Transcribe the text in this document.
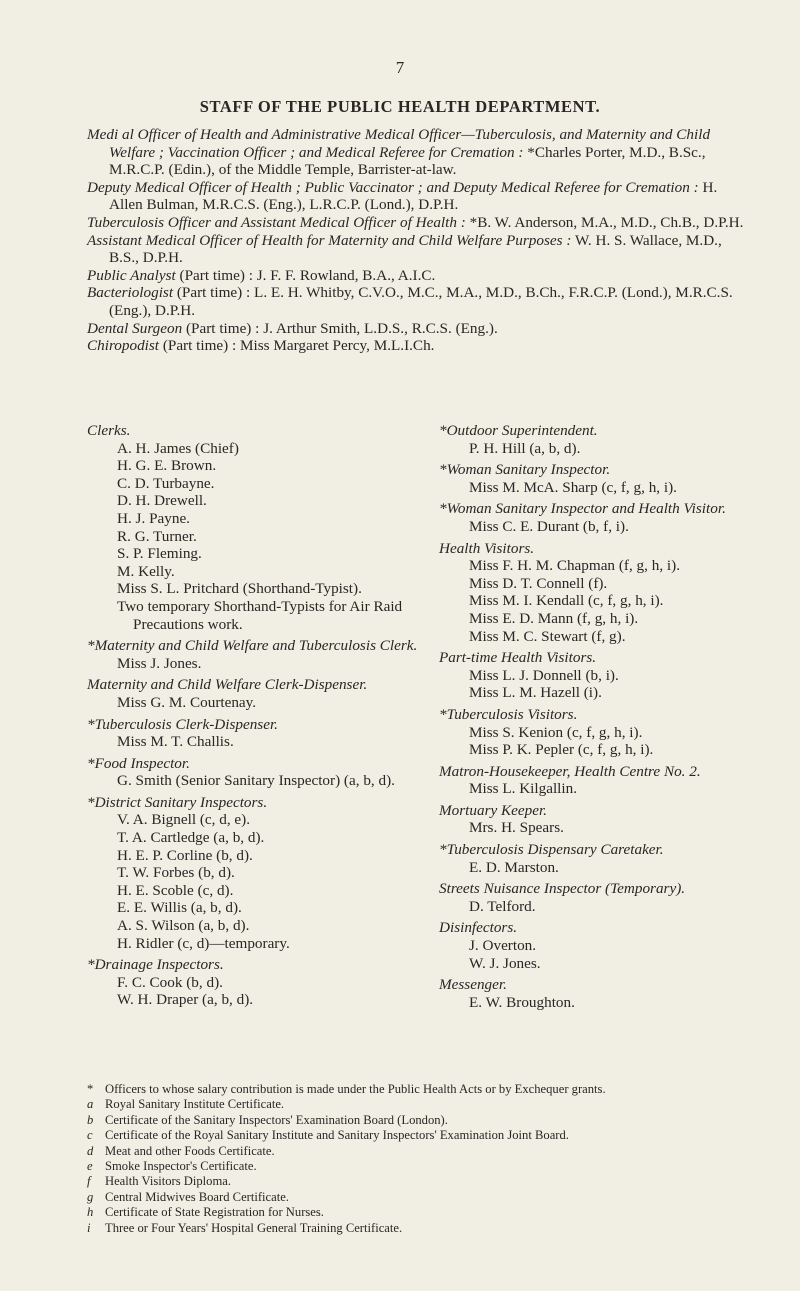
7
STAFF OF THE PUBLIC HEALTH DEPARTMENT.
Medi al Officer of Health and Administrative Medical Officer—Tuberculosis, and Maternity and Child Welfare ; Vaccination Officer ; and Medical Referee for Cremation : *Charles Porter, M.D., B.Sc., M.R.C.P. (Edin.), of the Middle Temple, Barrister-at-law.
Deputy Medical Officer of Health ; Public Vaccinator ; and Deputy Medical Referee for Cremation : H. Allen Bulman, M.R.C.S. (Eng.), L.R.C.P. (Lond.), D.P.H.
Tuberculosis Officer and Assistant Medical Officer of Health : *B. W. Anderson, M.A., M.D., Ch.B., D.P.H.
Assistant Medical Officer of Health for Maternity and Child Welfare Purposes : W. H. S. Wallace, M.D., B.S., D.P.H.
Public Analyst (Part time) : J. F. F. Rowland, B.A., A.I.C.
Bacteriologist (Part time) : L. E. H. Whitby, C.V.O., M.C., M.A., M.D., B.Ch., F.R.C.P. (Lond.), M.R.C.S. (Eng.), D.P.H.
Dental Surgeon (Part time) : J. Arthur Smith, L.D.S., R.C.S. (Eng.).
Chiropodist (Part time) : Miss Margaret Percy, M.L.I.Ch.
Clerks.
A. H. James (Chief)
H. G. E. Brown.
C. D. Turbayne.
D. H. Drewell.
H. J. Payne.
R. G. Turner.
S. P. Fleming.
M. Kelly.
Miss S. L. Pritchard (Shorthand-Typist).
Two temporary Shorthand-Typists for Air Raid Precautions work.
*Maternity and Child Welfare and Tuberculosis Clerk.
Miss J. Jones.
Maternity and Child Welfare Clerk-Dispenser.
Miss G. M. Courtenay.
*Tuberculosis Clerk-Dispenser.
Miss M. T. Challis.
*Food Inspector.
G. Smith (Senior Sanitary Inspector) (a, b, d).
*District Sanitary Inspectors.
V. A. Bignell (c, d, e).
T. A. Cartledge (a, b, d).
H. E. P. Corline (b, d).
T. W. Forbes (b, d).
H. E. Scoble (c, d).
E. E. Willis (a, b, d).
A. S. Wilson (a, b, d).
H. Ridler (c, d)—temporary.
*Drainage Inspectors.
F. C. Cook (b, d).
W. H. Draper (a, b, d).
*Outdoor Superintendent.
P. H. Hill (a, b, d).
*Woman Sanitary Inspector.
Miss M. McA. Sharp (c, f, g, h, i).
*Woman Sanitary Inspector and Health Visitor.
Miss C. E. Durant (b, f, i).
Health Visitors.
Miss F. H. M. Chapman (f, g, h, i).
Miss D. T. Connell (f).
Miss M. I. Kendall (c, f, g, h, i).
Miss E. D. Mann (f, g, h, i).
Miss M. C. Stewart (f, g).
Part-time Health Visitors.
Miss L. J. Donnell (b, i).
Miss L. M. Hazell (i).
*Tuberculosis Visitors.
Miss S. Kenion (c, f, g, h, i).
Miss P. K. Pepler (c, f, g, h, i).
Matron-Housekeeper, Health Centre No. 2.
Miss L. Kilgallin.
Mortuary Keeper.
Mrs. H. Spears.
*Tuberculosis Dispensary Caretaker.
E. D. Marston.
Streets Nuisance Inspector (Temporary).
D. Telford.
Disinfectors.
J. Overton.
W. J. Jones.
Messenger.
E. W. Broughton.
* Officers to whose salary contribution is made under the Public Health Acts or by Exchequer grants.
a Royal Sanitary Institute Certificate.
b Certificate of the Sanitary Inspectors' Examination Board (London).
c Certificate of the Royal Sanitary Institute and Sanitary Inspectors' Examination Joint Board.
d Meat and other Foods Certificate.
e Smoke Inspector's Certificate.
f Health Visitors Diploma.
g Central Midwives Board Certificate.
h Certificate of State Registration for Nurses.
i Three or Four Years' Hospital General Training Certificate.
